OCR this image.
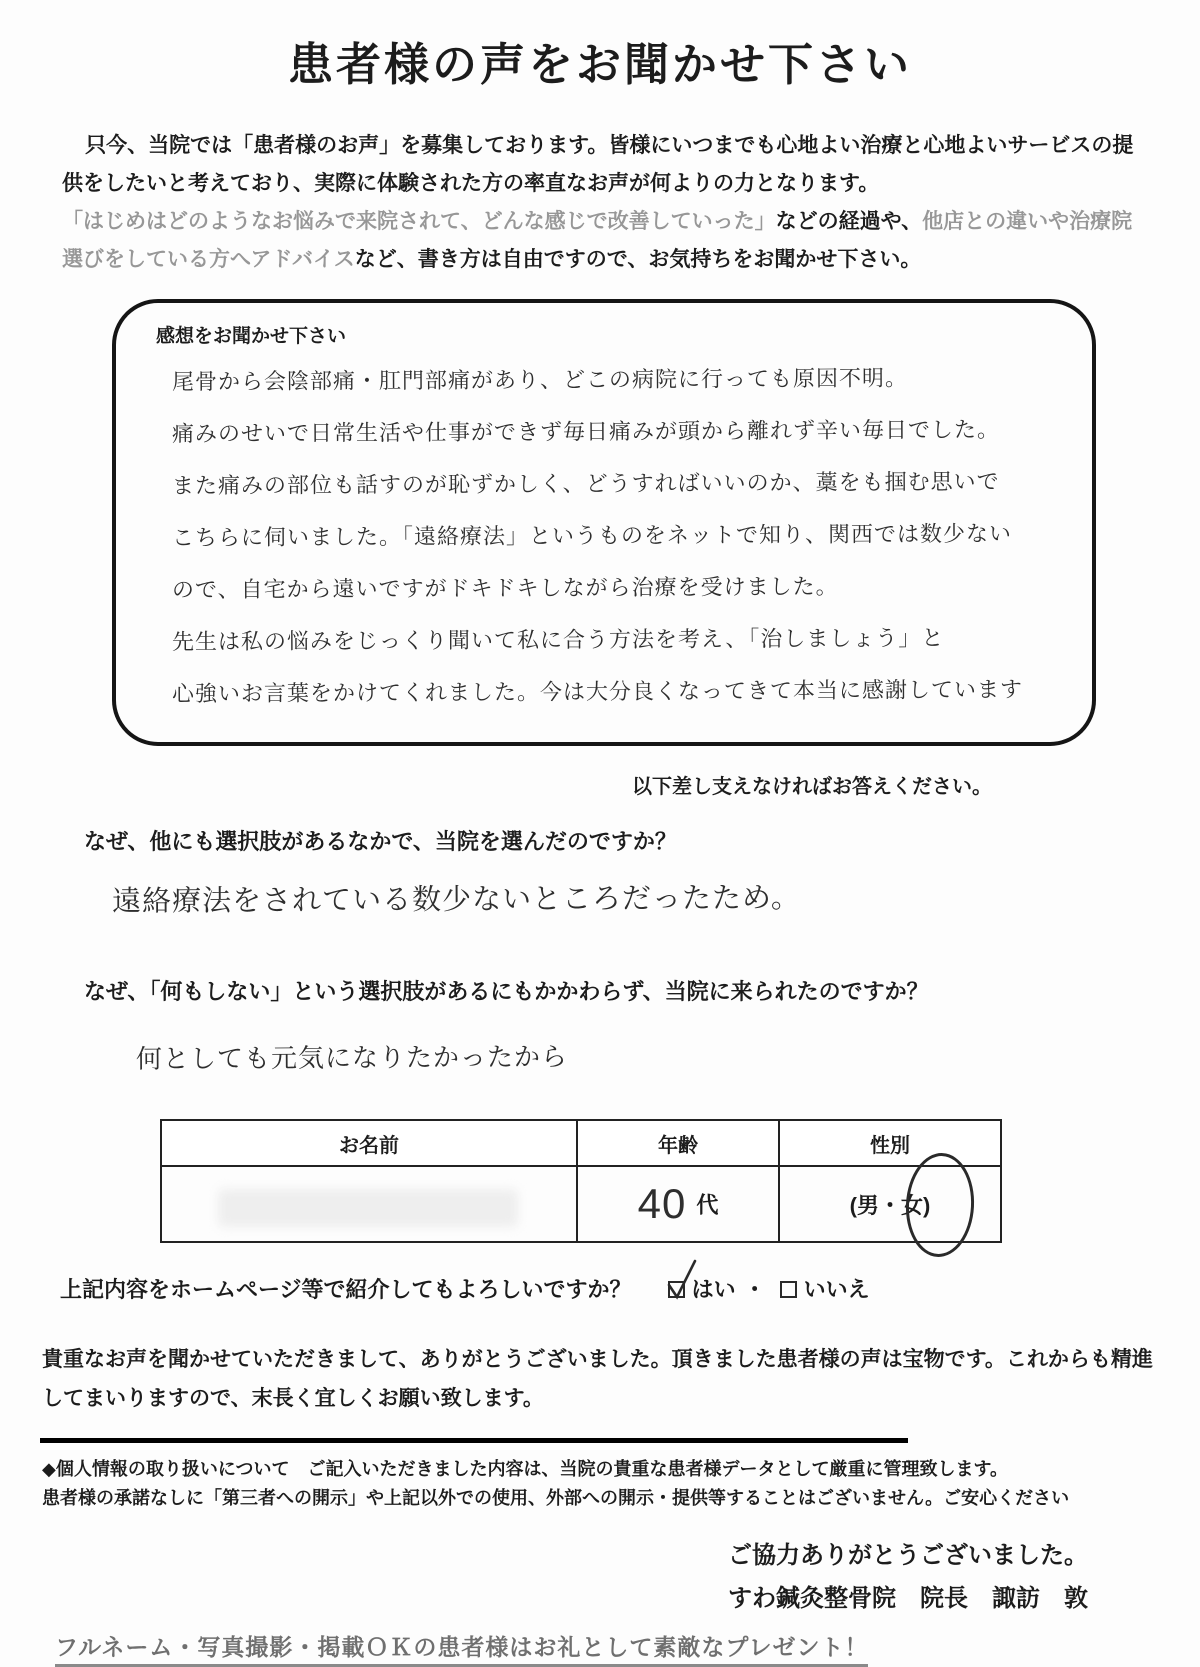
患者様の声をお聞かせ下さい

只今、当院では「患者様のお声」を募集しております。皆様にいつまでも心地よい治療と心地よいサービスの提供をしたいと考えており、実際に体験された方の率直なお声が何よりの力となります。

「はじめはどのようなお悩みで来院されて、どんな感じで改善していった」などの経過や、他店との違いや治療院選びをしている方へアドバイスなど、書き方は自由ですので、お気持ちをお聞かせ下さい。

感想をお聞かせ下さい
尾骨から会陰部痛・肛門部痛があり、どこの病院に行っても原因不明。
痛みのせいで日常生活や仕事ができず毎日痛みが頭から離れず辛い毎日でした。
また痛みの部位も話すのが恥ずかしく、どうすればいいのか、藁をも掴む思いで
こちらに伺いました。「遠絡療法」というものをネットで知り、関西では数少ない
ので、自宅から遠いですがドキドキしながら治療を受けました。
先生は私の悩みをじっくり聞いて私に合う方法を考え、「治しましょう」と
心強いお言葉をかけてくれました。今は大分良くなってきて本当に感謝しています
以下差し支えなければお答えください。
なぜ、他にも選択肢があるなかで、当院を選んだのですか？
遠絡療法をされている数少ないところだったため。
なぜ、「何もしない」という選択肢があるにもかかわらず、当院に来られたのですか？
何としても元気になりたかったから
お名前	年齢	性別

	40 代	(男・女)
上記内容をホームページ等で紹介してもよろしいですか？	はい ・ いいえ
貴重なお声を聞かせていただきまして、ありがとうございました。頂きました患者様の声は宝物です。これからも精進してまいりますので、末長く宜しくお願い致します。

◆個人情報の取り扱いについて　ご記入いただきました内容は、当院の貴重な患者様データとして厳重に管理致します。

患者様の承諾なしに「第三者への開示」や上記以外での使用、外部への開示・提供等することはございません。ご安心ください

ご協力ありがとうございました。
すわ鍼灸整骨院　院長　諏訪　敦
フルネーム・写真撮影・掲載ＯＫの患者様はお礼として素敵なプレゼント！
